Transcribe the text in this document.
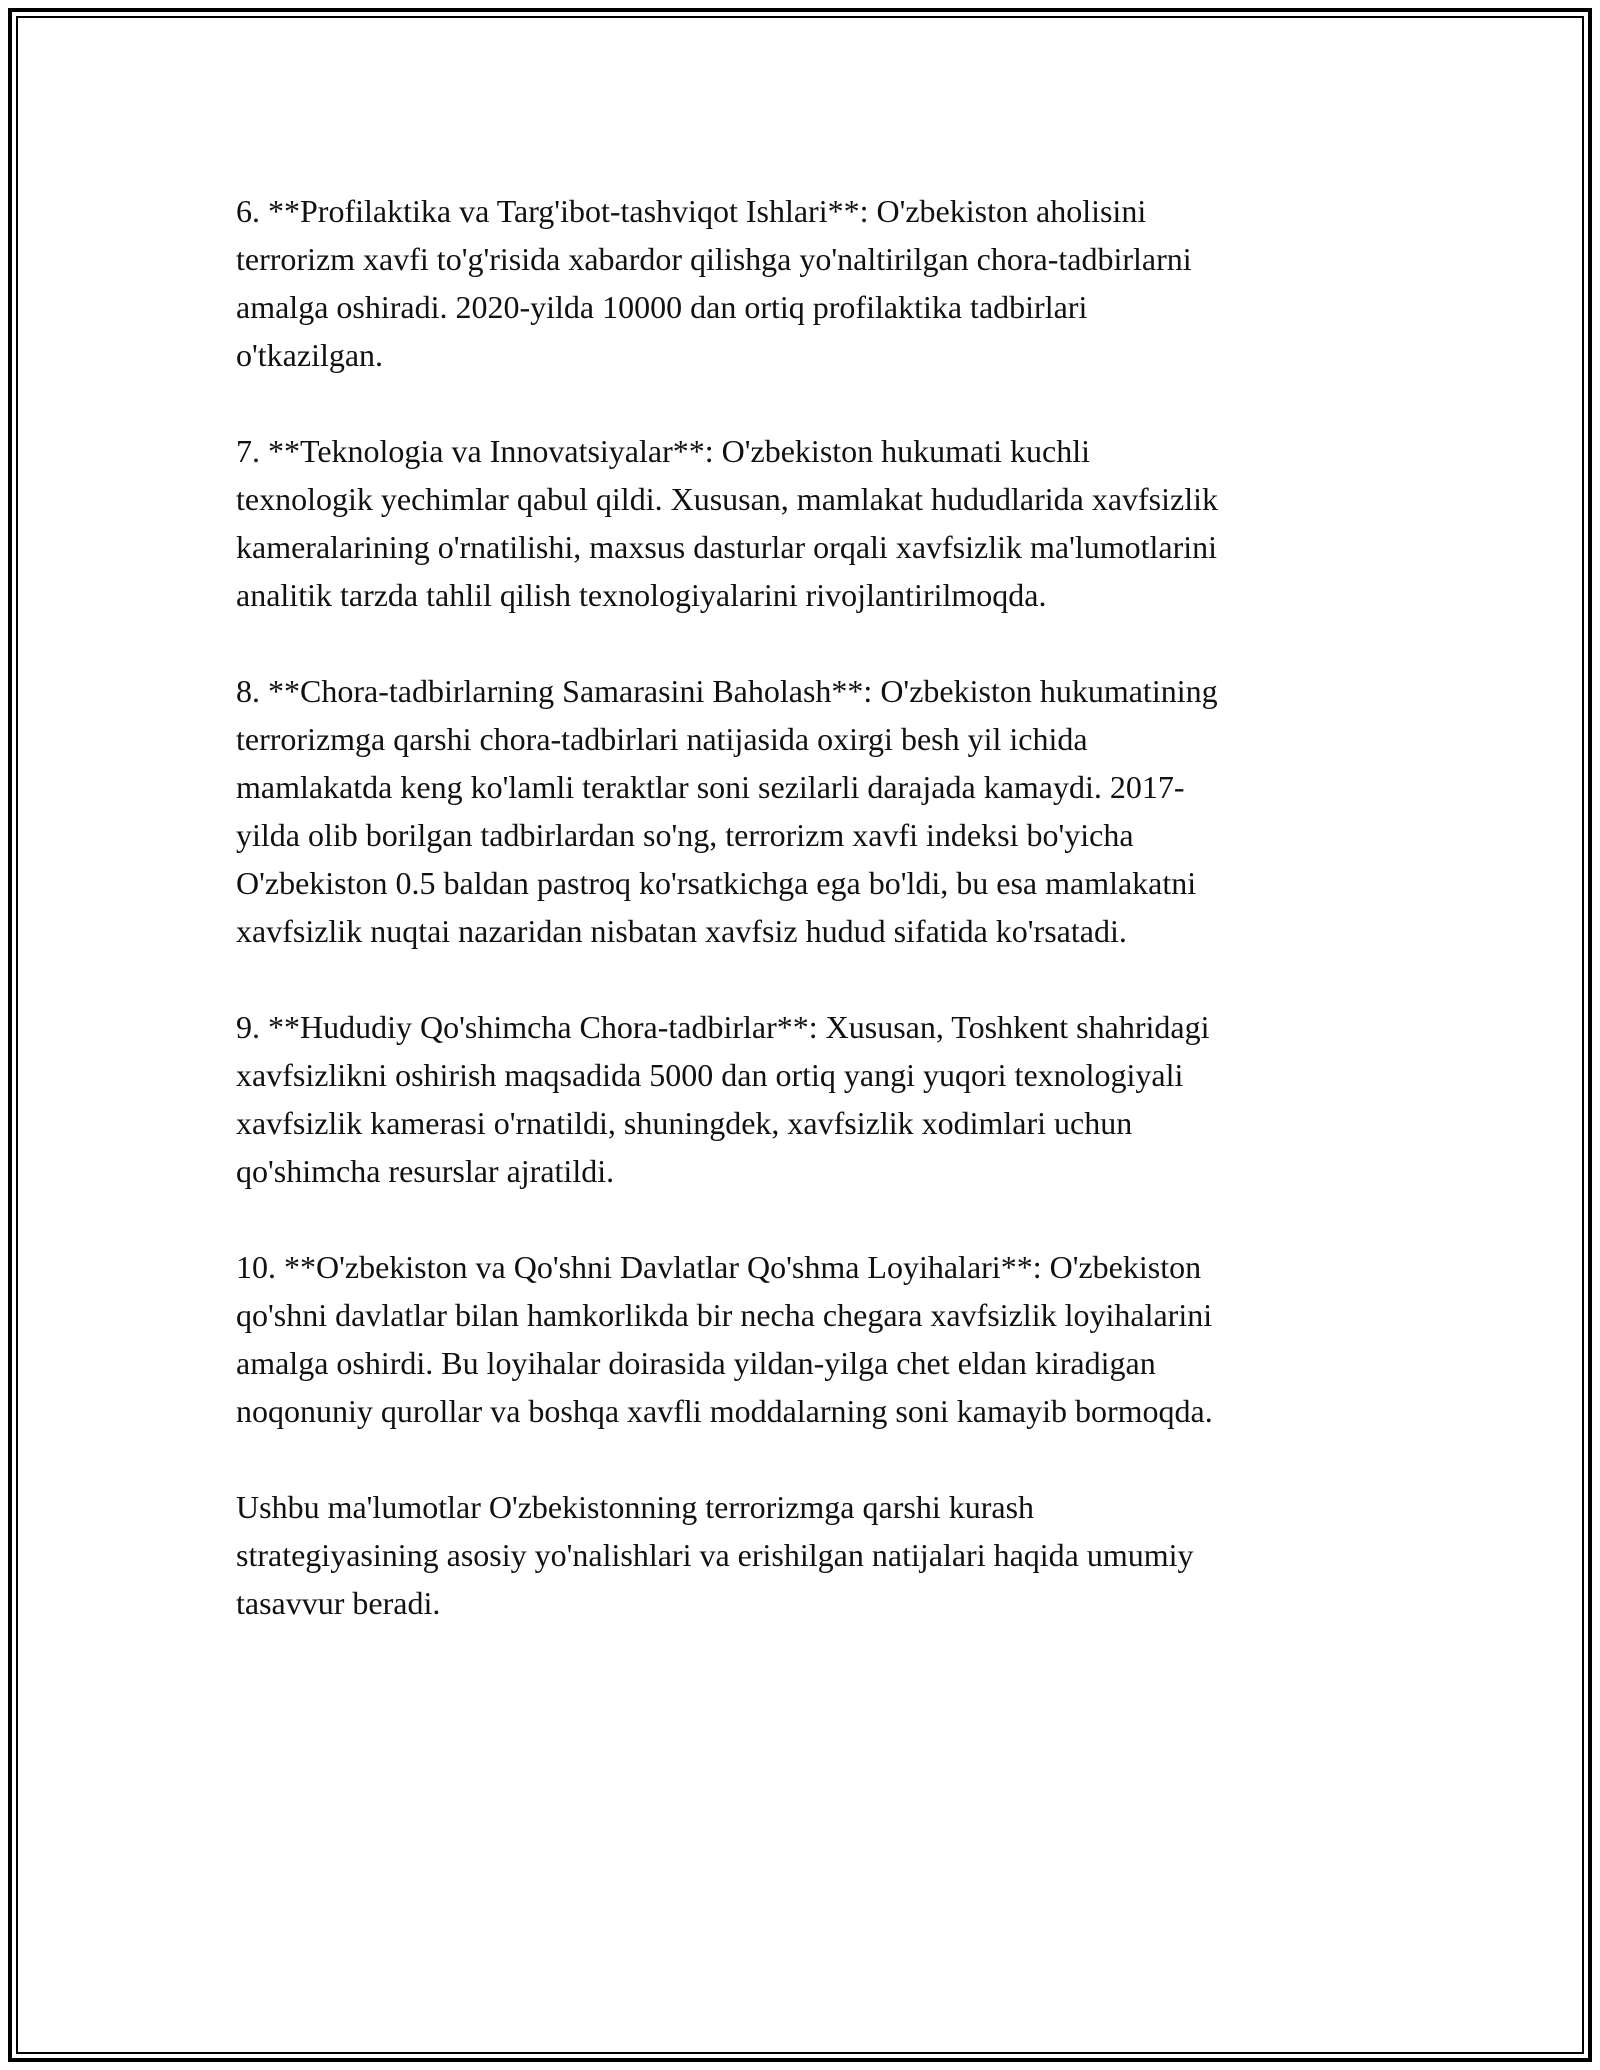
6. **Profilaktika va Targ'ibot-tashviqot Ishlari**: O'zbekiston aholisini
terrorizm xavfi to'g'risida xabardor qilishga yo'naltirilgan chora-tadbirlarni
amalga oshiradi. 2020-yilda 10000 dan ortiq profilaktika tadbirlari
o'tkazilgan.

7. **Teknologia va Innovatsiyalar**: O'zbekiston hukumati kuchli
texnologik yechimlar qabul qildi. Xususan, mamlakat hududlarida xavfsizlik
kameralarining o'rnatilishi, maxsus dasturlar orqali xavfsizlik ma'lumotlarini
analitik tarzda tahlil qilish texnologiyalarini rivojlantirilmoqda.

8. **Chora-tadbirlarning Samarasini Baholash**: O'zbekiston hukumatining
terrorizmga qarshi chora-tadbirlari natijasida oxirgi besh yil ichida
mamlakatda keng ko'lamli teraktlar soni sezilarli darajada kamaydi. 2017-
yilda olib borilgan tadbirlardan so'ng, terrorizm xavfi indeksi bo'yicha
O'zbekiston 0.5 baldan pastroq ko'rsatkichga ega bo'ldi, bu esa mamlakatni
xavfsizlik nuqtai nazaridan nisbatan xavfsiz hudud sifatida ko'rsatadi.

9. **Hududiy Qo'shimcha Chora-tadbirlar**: Xususan, Toshkent shahridagi
xavfsizlikni oshirish maqsadida 5000 dan ortiq yangi yuqori texnologiyali
xavfsizlik kamerasi o'rnatildi, shuningdek, xavfsizlik xodimlari uchun
qo'shimcha resurslar ajratildi.

10. **O'zbekiston va Qo'shni Davlatlar Qo'shma Loyihalari**: O'zbekiston
qo'shni davlatlar bilan hamkorlikda bir necha chegara xavfsizlik loyihalarini
amalga oshirdi. Bu loyihalar doirasida yildan-yilga chet eldan kiradigan
noqonuniy qurollar va boshqa xavfli moddalarning soni kamayib bormoqda.

Ushbu ma'lumotlar O'zbekistonning terrorizmga qarshi kurash
strategiyasining asosiy yo'nalishlari va erishilgan natijalari haqida umumiy
tasavvur beradi.
